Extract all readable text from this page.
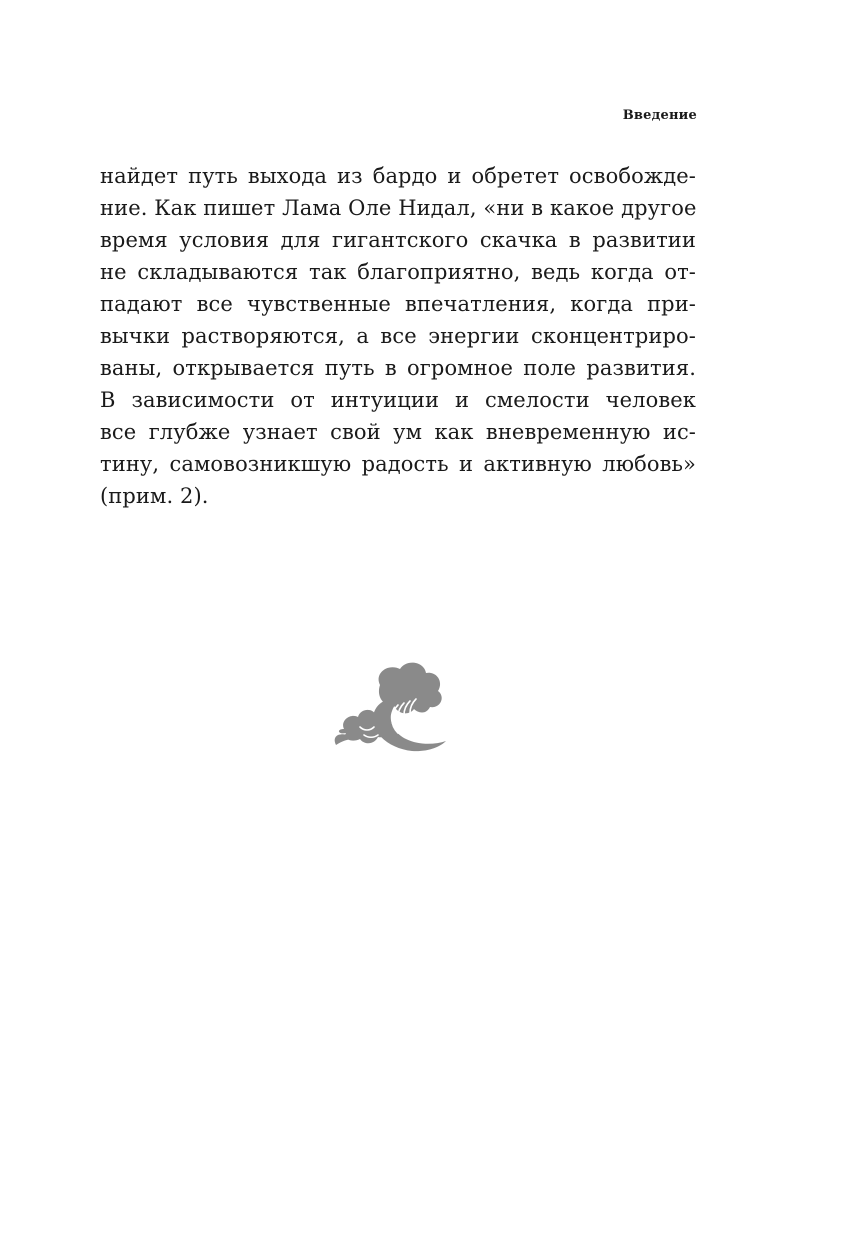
Введение
найдет путь выхода из бардо и обретет освобожде-
ние. Как пишет Лама Оле Нидал, «ни в какое другое
время условия для гигантского скачка в развитии
не складываются так благоприятно, ведь когда от-
падают все чувственные впечатления, когда при-
вычки растворяются, а все энергии сконцентриро-
ваны, открывается путь в огромное поле развития.
В зависимости от интуиции и смелости человек
все глубже узнает свой ум как вневременную ис-
тину, самовозникшую радость и активную любовь»
(прим. 2).
